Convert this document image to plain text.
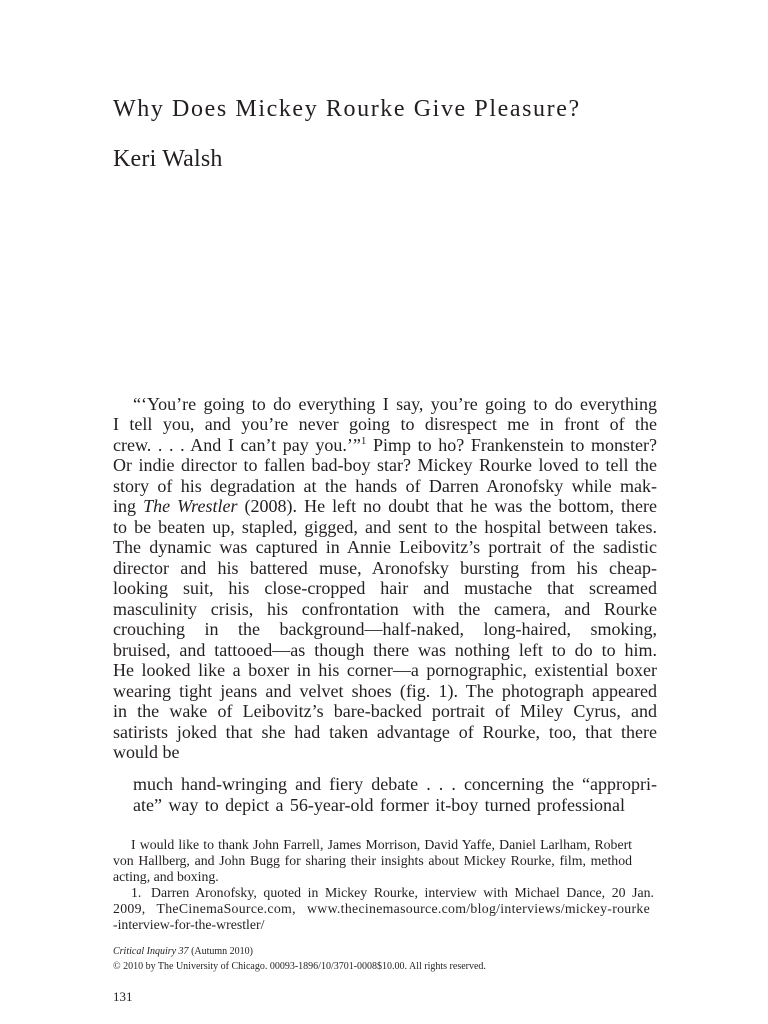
Why Does Mickey Rourke Give Pleasure?
Keri Walsh
“‘You’re going to do everything I say, you’re going to do everything
I tell you, and you’re never going to disrespect me in front of the
crew. . . . And I can’t pay you.’”$^1$ Pimp to ho? Frankenstein to monster?
Or indie director to fallen bad-boy star? Mickey Rourke loved to tell the
story of his degradation at the hands of Darren Aronofsky while mak-
ing The Wrestler (2008). He left no doubt that he was the bottom, there
to be beaten up, stapled, gigged, and sent to the hospital between takes.
The dynamic was captured in Annie Leibovitz’s portrait of the sadistic
director and his battered muse, Aronofsky bursting from his cheap-
looking suit, his close-cropped hair and mustache that screamed
masculinity crisis, his confrontation with the camera, and Rourke
crouching in the background—half-naked, long-haired, smoking,
bruised, and tattooed—as though there was nothing left to do to him.
He looked like a boxer in his corner—a pornographic, existential boxer
wearing tight jeans and velvet shoes (fig. 1). The photograph appeared
in the wake of Leibovitz’s bare-backed portrait of Miley Cyrus, and
satirists joked that she had taken advantage of Rourke, too, that there
would be
much hand-wringing and fiery debate . . . concerning the “appropri-
ate” way to depict a 56-year-old former it-boy turned professional
I would like to thank John Farrell, James Morrison, David Yaffe, Daniel Larlham, Robert
von Hallberg, and John Bugg for sharing their insights about Mickey Rourke, film, method
acting, and boxing.
1. Darren Aronofsky, quoted in Mickey Rourke, interview with Michael Dance, 20 Jan.
2009, TheCinemaSource.com, www.thecinemasource.com/blog/interviews/mickey-rourke
-interview-for-the-wrestler/
Critical Inquiry 37 (Autumn 2010)
© 2010 by The University of Chicago. 00093-1896/10/3701-0008$10.00. All rights reserved.
131
